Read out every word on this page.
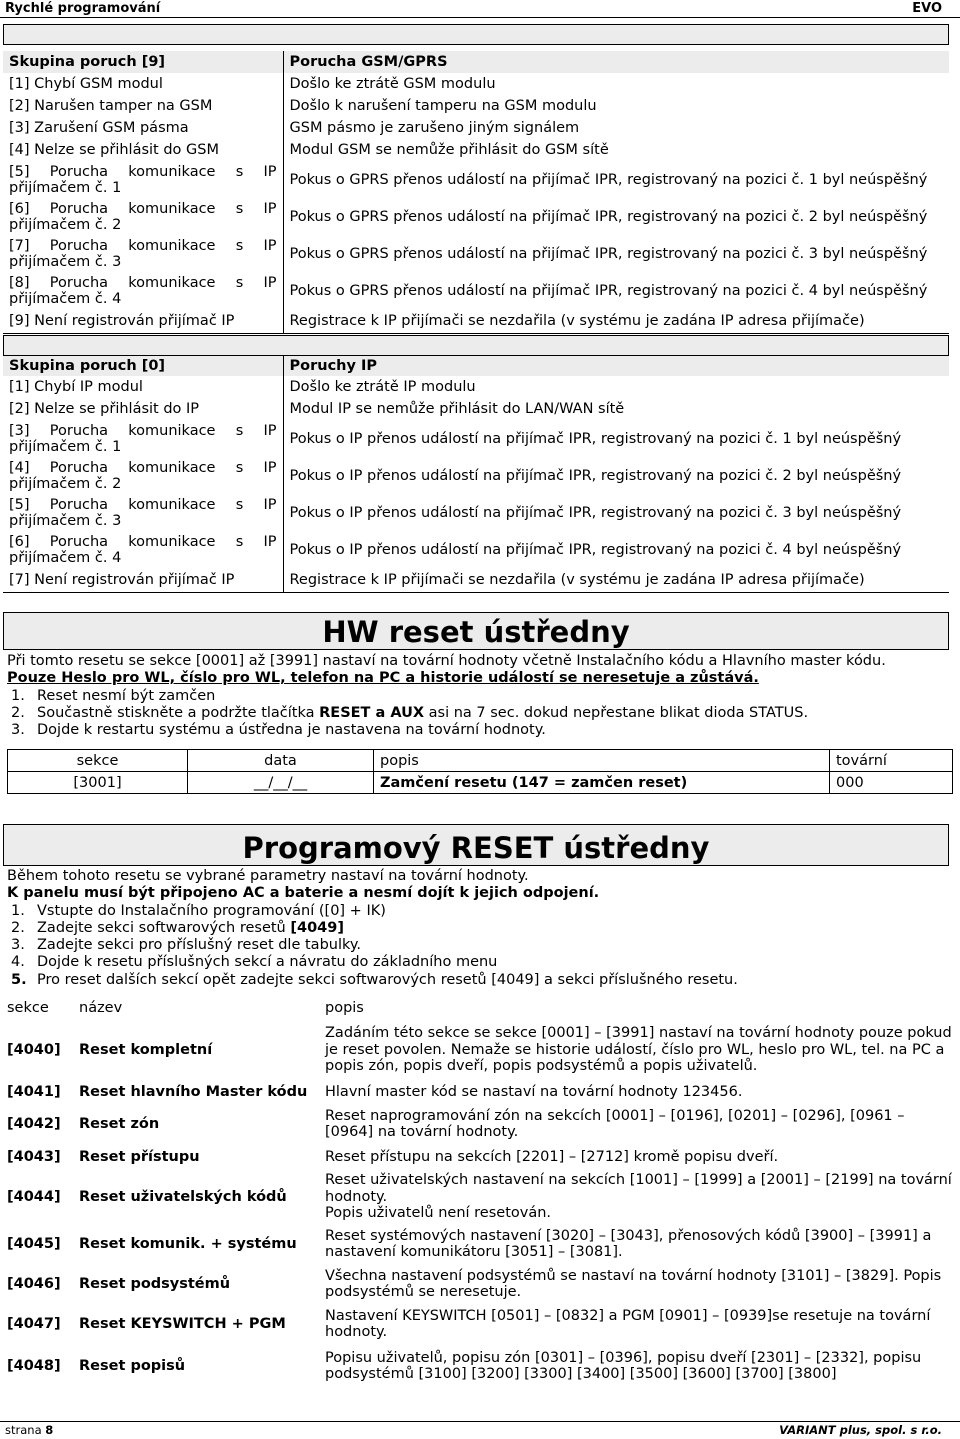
Rychlé programování	EVO
Skupina poruch [9]	Porucha GSM/GPRS
[1] Chybí GSM modul	Došlo ke ztrátě GSM modulu
[2] Narušen tamper na GSM	Došlo k narušení tamperu na GSM modulu
[3] Zarušení GSM pásma	GSM pásmo je zarušeno jiným signálem
[4] Nelze se přihlásit do GSM	Modul GSM se nemůže přihlásit do GSM sítě

[5] Porucha komunikace s IP
přijímačem č. 1	Pokus o GPRS přenos událostí na přijímač IPR, registrovaný na pozici č. 1 byl neúspěšný

[6] Porucha komunikace s IP
přijímačem č. 2	Pokus o GPRS přenos událostí na přijímač IPR, registrovaný na pozici č. 2 byl neúspěšný

[7] Porucha komunikace s IP
přijímačem č. 3	Pokus o GPRS přenos událostí na přijímač IPR, registrovaný na pozici č. 3 byl neúspěšný

[8] Porucha komunikace s IP
přijímačem č. 4	Pokus o GPRS přenos událostí na přijímač IPR, registrovaný na pozici č. 4 byl neúspěšný
[9] Není registrován přijímač IP	Registrace k IP přijímači se nezdařila (v systému je zadána IP adresa přijímače)
Skupina poruch [0]	Poruchy IP
[1] Chybí IP modul	Došlo ke ztrátě IP modulu
[2] Nelze se přihlásit do IP	Modul IP se nemůže přihlásit do LAN/WAN sítě

[3] Porucha komunikace s IP
přijímačem č. 1	Pokus o IP přenos událostí na přijímač IPR, registrovaný na pozici č. 1 byl neúspěšný

[4] Porucha komunikace s IP
přijímačem č. 2	Pokus o IP přenos událostí na přijímač IPR, registrovaný na pozici č. 2 byl neúspěšný

[5] Porucha komunikace s IP
přijímačem č. 3	Pokus o IP přenos událostí na přijímač IPR, registrovaný na pozici č. 3 byl neúspěšný

[6] Porucha komunikace s IP
přijímačem č. 4	Pokus o IP přenos událostí na přijímač IPR, registrovaný na pozici č. 4 byl neúspěšný
[7] Není registrován přijímač IP	Registrace k IP přijímači se nezdařila (v systému je zadána IP adresa přijímače)
HW reset ústředny
Při tomto resetu se sekce [0001] až [3991] nastaví na tovární hodnoty včetně Instalačního kódu a Hlavního master kódu.
Pouze Heslo pro WL, číslo pro WL, telefon na PC a historie událostí se neresetuje a zůstává.
1. Reset nesmí být zamčen
2. Součastně stiskněte a podržte tlačítka RESET a AUX asi na 7 sec. dokud nepřestane blikat dioda STATUS.
3. Dojde k restartu systému a ústředna je nastavena na tovární hodnoty.
sekce	data	popis	tovární
[3001]	__/__/__	Zamčení resetu (147 = zamčen reset)	000
Programový RESET ústředny
Během tohoto resetu se vybrané parametry nastaví na tovární hodnoty.
K panelu musí být připojeno AC a baterie a nesmí dojít k jejich odpojení.
1. Vstupte do Instalačního programování ([0] + IK)
2. Zadejte sekci softwarových resetů [4049]
3. Zadejte sekci pro příslušný reset dle tabulky.
4. Dojde k resetu příslušných sekcí a návratu do základního menu
5. Pro reset dalších sekcí opět zadejte sekci softwarových resetů [4049] a sekci příslušného resetu.
sekce	název	popis
[4040]	Reset kompletní	Zadáním této sekce se sekce [0001] – [3991] nastaví na tovární hodnoty pouze pokud je reset povolen. Nemaže se historie událostí, číslo pro WL, heslo pro WL, tel. na PC a popis zón, popis dveří, popis podsystémů a popis uživatelů.
[4041]	Reset hlavního Master kódu	Hlavní master kód se nastaví na tovární hodnoty 123456.
[4042]	Reset zón	Reset naprogramování zón na sekcích [0001] – [0196], [0201] – [0296], [0961 – [0964] na tovární hodnoty.
[4043]	Reset přístupu	Reset přístupu na sekcích [2201] – [2712] kromě popisu dveří.
[4044]	Reset uživatelských kódů	Reset uživatelských nastavení na sekcích [1001] – [1999] a [2001] – [2199] na tovární hodnoty.
Popis uživatelů není resetován.
[4045]	Reset komunik. + systému	Reset systémových nastavení [3020] – [3043], přenosových kódů [3900] – [3991] a nastavení komunikátoru [3051] – [3081].
[4046]	Reset podsystémů	Všechna nastavení podsystémů se nastaví na tovární hodnoty [3101] – [3829]. Popis podsystémů se neresetuje.
[4047]	Reset KEYSWITCH + PGM	Nastavení KEYSWITCH [0501] – [0832] a PGM [0901] – [0939]se resetuje na tovární hodnoty.
[4048]	Reset popisů	Popisu uživatelů, popisu zón [0301] – [0396], popisu dveří [2301] – [2332], popisu podsystémů [3100] [3200] [3300] [3400] [3500] [3600] [3700] [3800]
strana 8	VARIANT plus, spol. s r.o.
